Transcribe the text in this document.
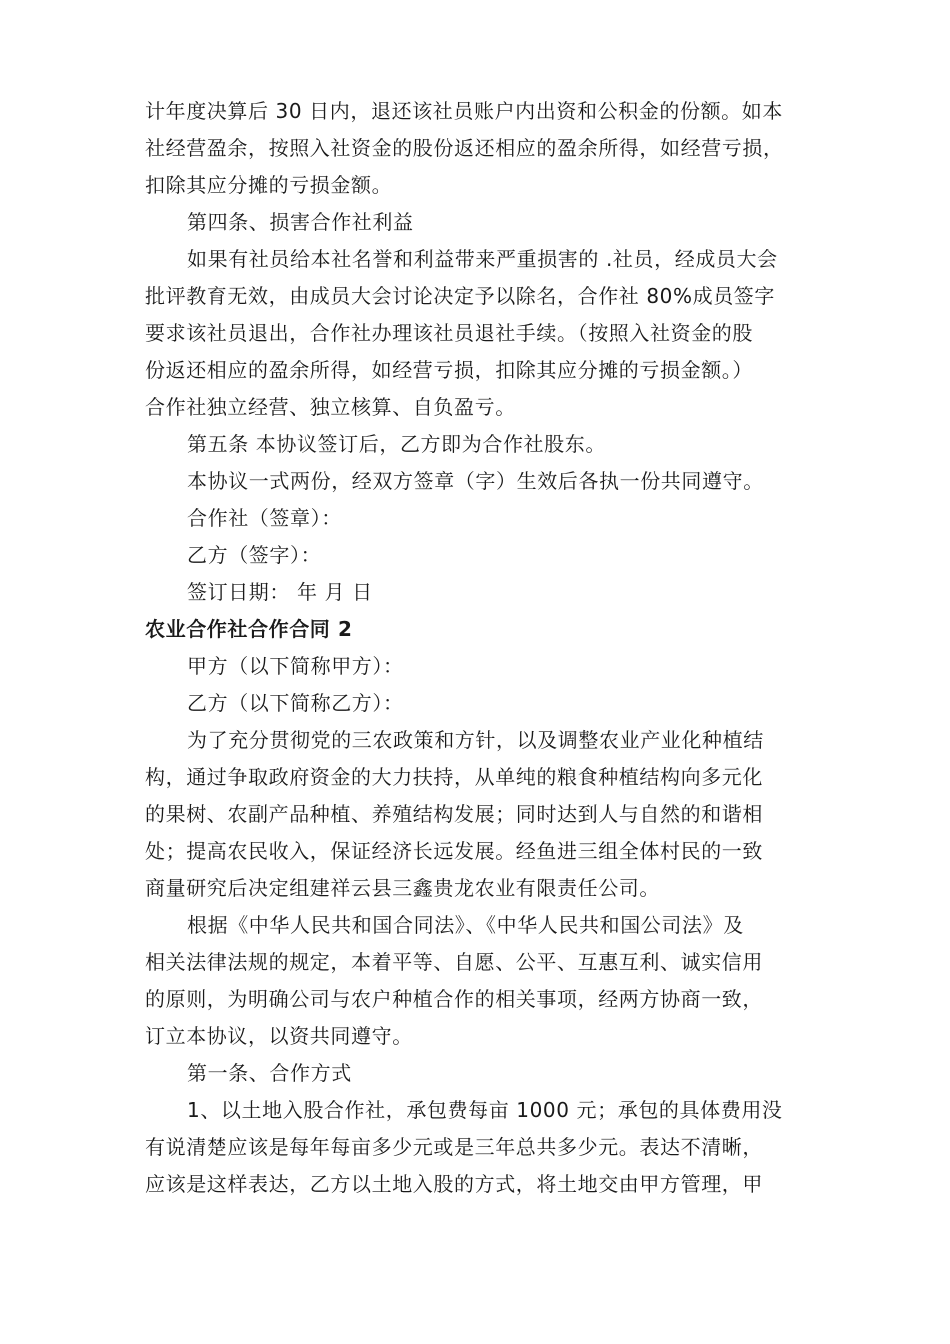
计年度决算后 30 日内，退还该社员账户内出资和公积金的份额。如本
社经营盈余，按照入社资金的股份返还相应的盈余所得，如经营亏损，
扣除其应分摊的亏损金额。
第四条、损害合作社利益
如果有社员给本社名誉和利益带来严重损害的 .社员，经成员大会
批评教育无效，由成员大会讨论决定予以除名，合作社 80%成员签字
要求该社员退出，合作社办理该社员退社手续。（按照入社资金的股
份返还相应的盈余所得，如经营亏损，扣除其应分摊的亏损金额。）
合作社独立经营、独立核算、自负盈亏。
第五条 本协议签订后，乙方即为合作社股东。
本协议一式两份，经双方签章（字）生效后各执一份共同遵守。
合作社（签章）：
乙方（签字）：
签订日期： 年 月 日
农业合作社合作合同 2
甲方（以下简称甲方）：
乙方（以下简称乙方）：
为了充分贯彻党的三农政策和方针，以及调整农业产业化种植结
构，通过争取政府资金的大力扶持，从单纯的粮食种植结构向多元化
的果树、农副产品种植、养殖结构发展；同时达到人与自然的和谐相
处；提高农民收入，保证经济长远发展。经鱼进三组全体村民的一致
商量研究后决定组建祥云县三鑫贵龙农业有限责任公司。
根据《中华人民共和国合同法》、《中华人民共和国公司法》及
相关法律法规的规定，本着平等、自愿、公平、互惠互利、诚实信用
的原则，为明确公司与农户种植合作的相关事项，经两方协商一致，
订立本协议，以资共同遵守。
第一条、合作方式
1、以土地入股合作社，承包费每亩 1000 元；承包的具体费用没
有说清楚应该是每年每亩多少元或是三年总共多少元。表达不清晰，
应该是这样表达，乙方以土地入股的方式，将土地交由甲方管理，甲
